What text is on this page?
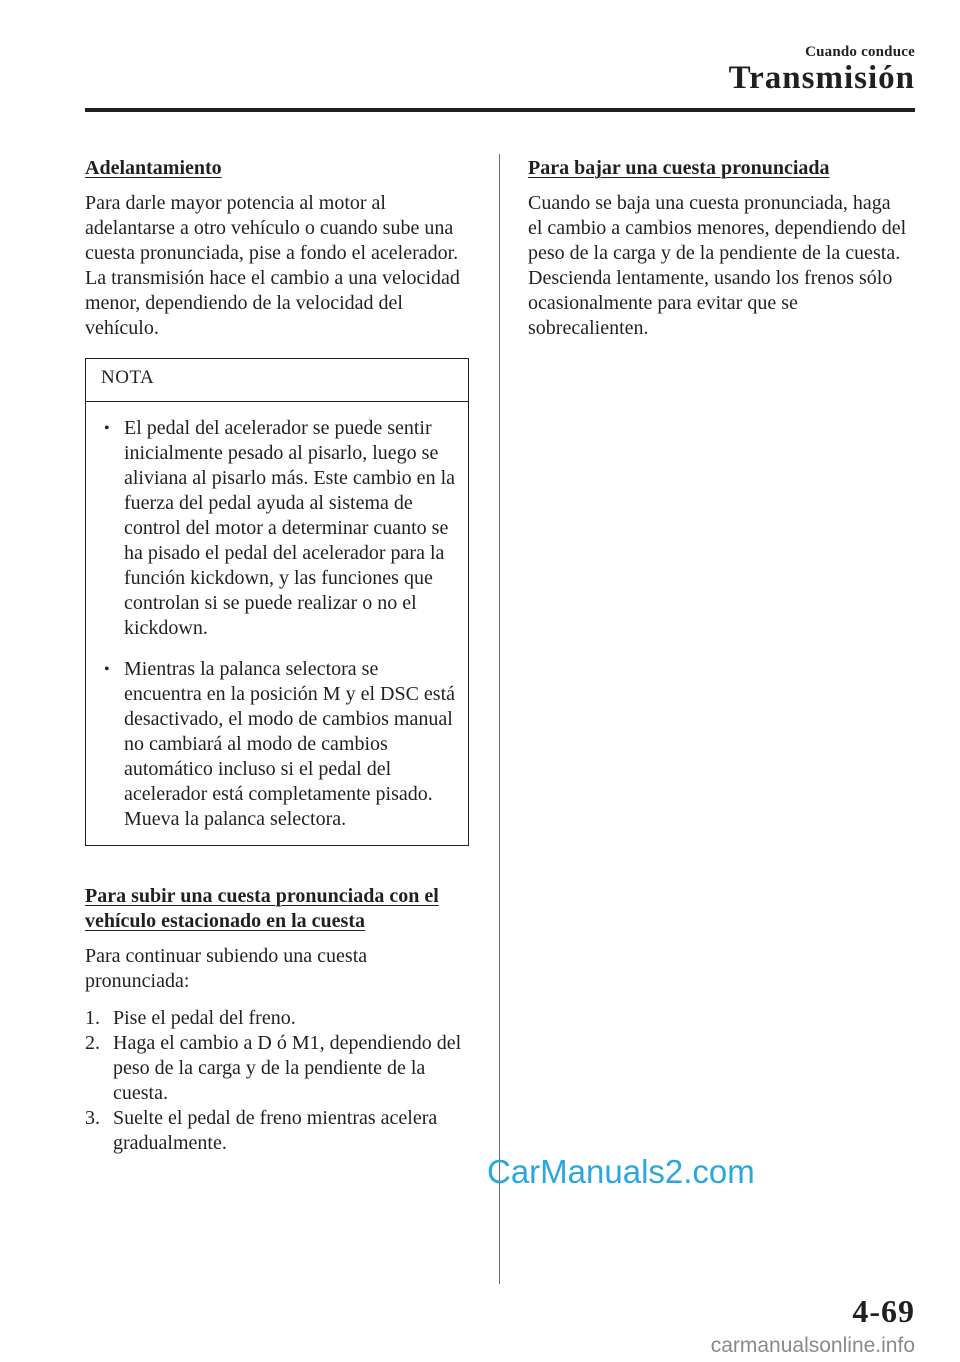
Cuando conduce
Transmisión
Adelantamiento

Para darle mayor potencia al motor al adelantarse a otro vehículo o cuando sube una cuesta pronunciada, pise a fondo el acelerador. La transmisión hace el cambio a una velocidad menor, dependiendo de la velocidad del vehículo.

NOTA
• El pedal del acelerador se puede sentir inicialmente pesado al pisarlo, luego se aliviana al pisarlo más. Este cambio en la fuerza del pedal ayuda al sistema de control del motor a determinar cuanto se ha pisado el pedal del acelerador para la función kickdown, y las funciones que controlan si se puede realizar o no el kickdown.
• Mientras la palanca selectora se encuentra en la posición M y el DSC está desactivado, el modo de cambios manual no cambiará al modo de cambios automático incluso si el pedal del acelerador está completamente pisado. Mueva la palanca selectora.
Para subir una cuesta pronunciada con el vehículo estacionado en la cuesta

Para continuar subiendo una cuesta pronunciada:

1. Pise el pedal del freno.
2. Haga el cambio a D ó M1, dependiendo del peso de la carga y de la pendiente de la cuesta.
3. Suelte el pedal de freno mientras acelera gradualmente.
Para bajar una cuesta pronunciada

Cuando se baja una cuesta pronunciada, haga el cambio a cambios menores, dependiendo del peso de la carga y de la pendiente de la cuesta. Descienda lentamente, usando los frenos sólo ocasionalmente para evitar que se sobrecalienten.

CarManuals2.com
4-69
carmanualsonline.info
